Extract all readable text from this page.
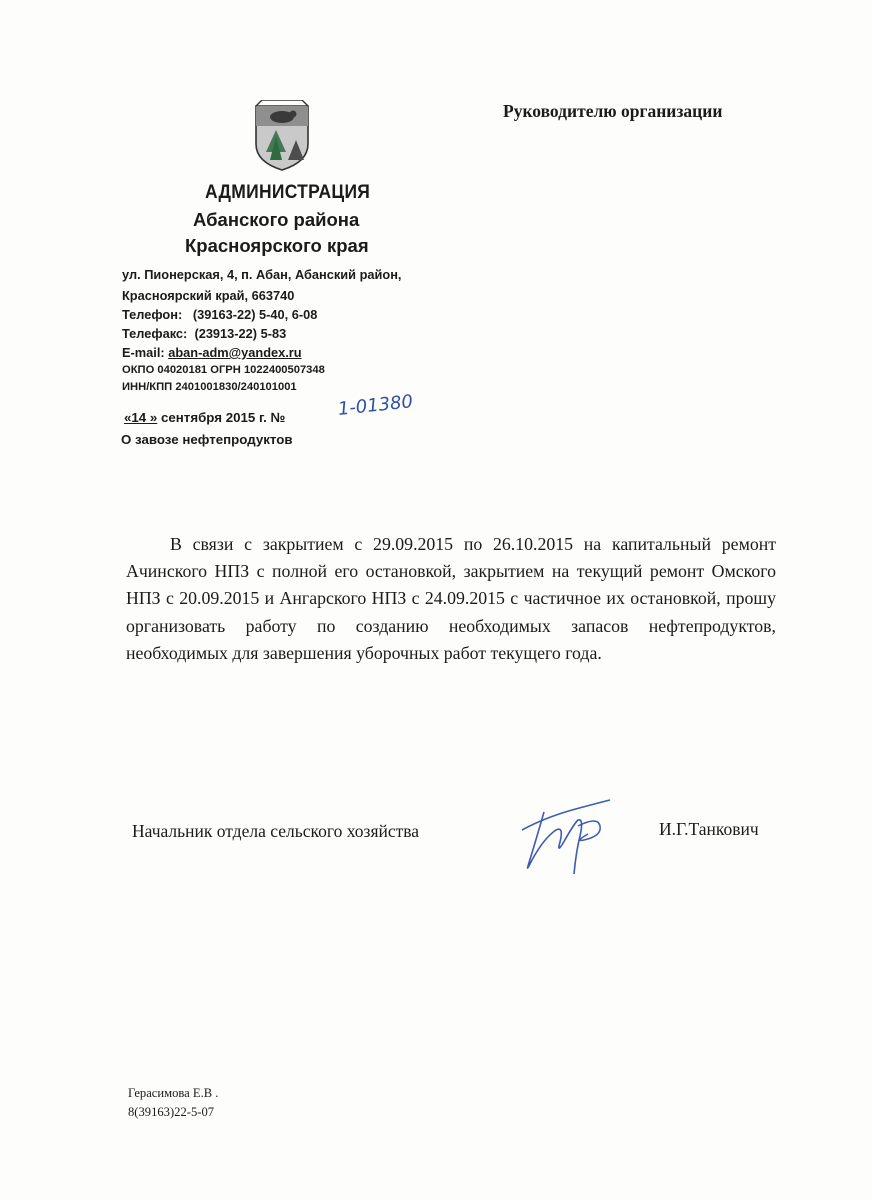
Руководителю организации
АДМИНИСТРАЦИЯ
Абанского района
Красноярского края
ул. Пионерская, 4, п. Абан, Абанский район,
Красноярский край, 663740
Телефон: (39163-22) 5-40, 6-08
Телефакс: (23913-22) 5-83
E-mail: aban-adm@yandex.ru
ОКПО 04020181 ОГРН 1022400507348
ИНН/КПП 2401001830/240101001
«14 » сентября 2015 г. №	1-01380
О завозе нефтепродуктов

В связи с закрытием с 29.09.2015 по 26.10.2015 на капитальный ремонт Ачинского НПЗ с полной его остановкой, закрытием на текущий ремонт Омского НПЗ с 20.09.2015 и Ангарского НПЗ с 24.09.2015 с частичное их остановкой, прошу организовать работу по созданию необходимых запасов нефтепродуктов, необходимых для завершения уборочных работ текущего года.

Начальник отдела сельского хозяйства	И.Г.Танкович
Герасимова Е.В .
8(39163)22-5-07
